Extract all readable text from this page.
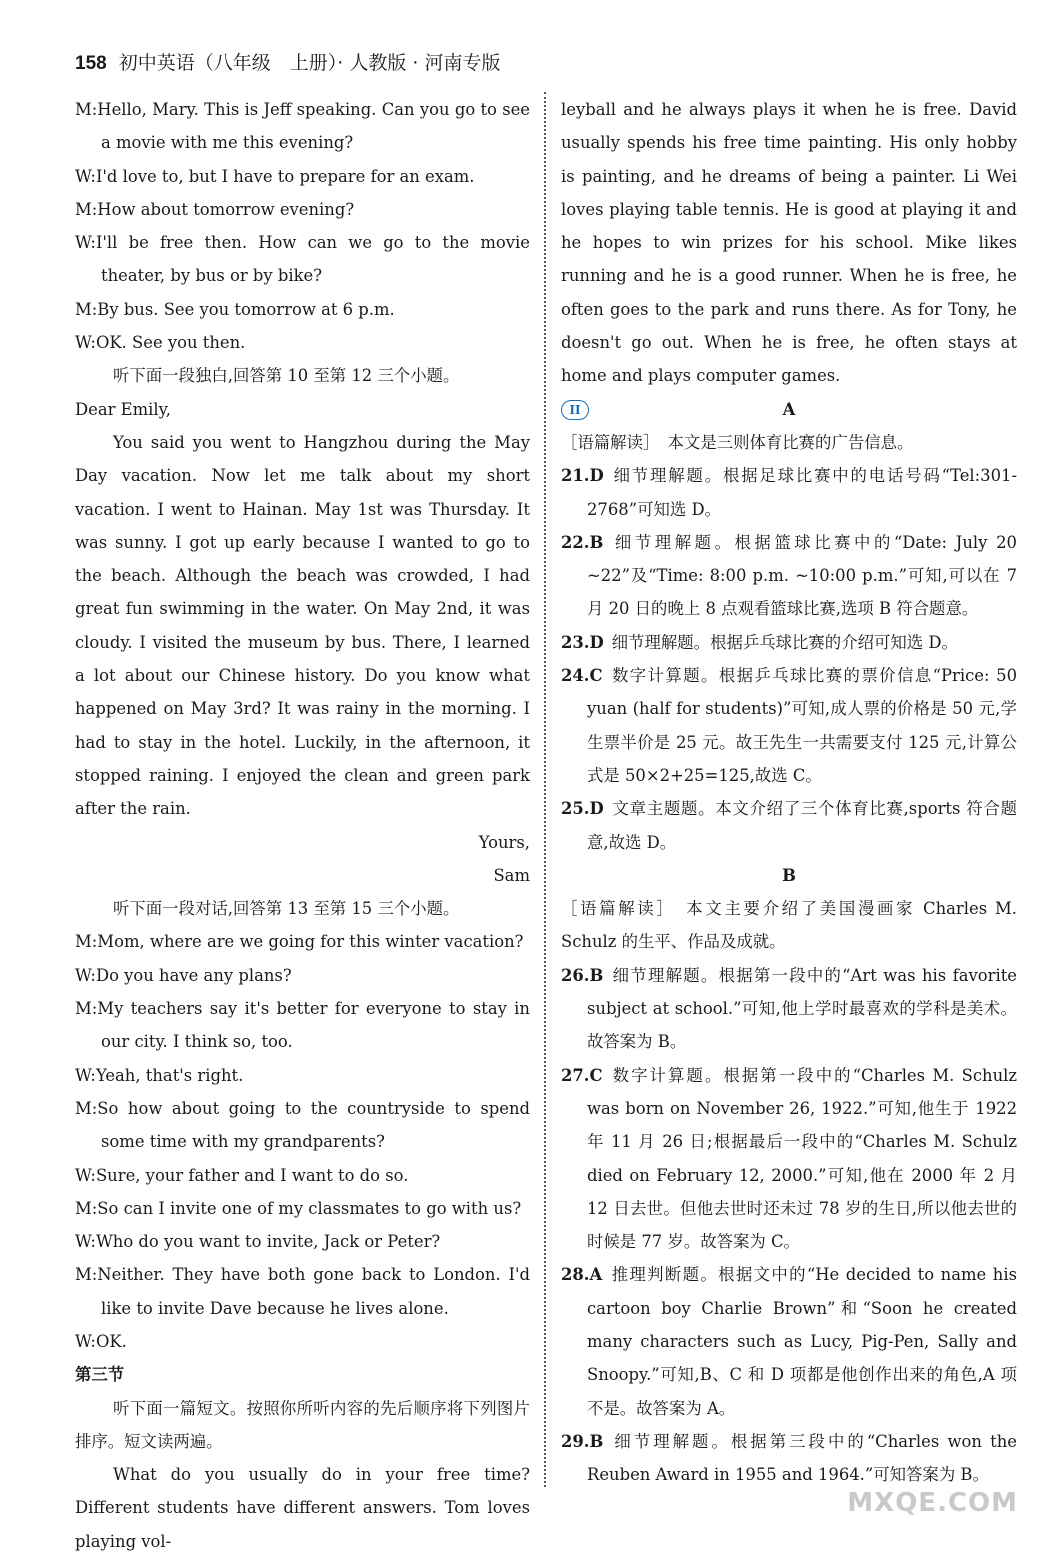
158 初中英语（八年级　上册）· 人教版 · 河南专版
M:Hello, Mary. This is Jeff speaking. Can you go to see a movie with me this evening?
W:I'd love to, but I have to prepare for an exam.
M:How about tomorrow evening?
W:I'll be free then. How can we go to the movie theater, by bus or by bike?
M:By bus. See you tomorrow at 6 p.m.
W:OK. See you then.
听下面一段独白,回答第 10 至第 12 三个小题。
Dear Emily,
You said you went to Hangzhou during the May Day vacation. Now let me talk about my short vacation. I went to Hainan. May 1st was Thursday. It was sunny. I got up early because I wanted to go to the beach. Although the beach was crowded, I had great fun swimming in the water. On May 2nd, it was cloudy. I visited the museum by bus. There, I learned a lot about our Chinese history. Do you know what happened on May 3rd? It was rainy in the morning. I had to stay in the hotel. Luckily, in the afternoon, it stopped raining. I enjoyed the clean and green park after the rain.
Yours,
Sam
听下面一段对话,回答第 13 至第 15 三个小题。
M:Mom, where are we going for this winter vacation?
W:Do you have any plans?
M:My teachers say it's better for everyone to stay in our city. I think so, too.
W:Yeah, that's right.
M:So how about going to the countryside to spend some time with my grandparents?
W:Sure, your father and I want to do so.
M:So can I invite one of my classmates to go with us?
W:Who do you want to invite, Jack or Peter?
M:Neither. They have both gone back to London. I'd like to invite Dave because he lives alone.
W:OK.
第三节
听下面一篇短文。按照你所听内容的先后顺序将下列图片排序。短文读两遍。
What do you usually do in your free time? Different students have different answers. Tom loves playing vol-
leyball and he always plays it when he is free. David usually spends his free time painting. His only hobby is painting, and he dreams of being a painter. Li Wei loves playing table tennis. He is good at playing it and he hopes to win prizes for his school. Mike likes running and he is a good runner. When he is free, he often goes to the park and runs there. As for Tony, he doesn't go out. When he is free, he often stays at home and plays computer games.
II	A
［语篇解读］　本文是三则体育比赛的广告信息。
21.D 细节理解题。根据足球比赛中的电话号码“Tel:301-2768”可知选 D。
22.B 细节理解题。根据篮球比赛中的“Date: July 20 ~22”及“Time: 8:00 p.m. ~10:00 p.m.”可知,可以在 7 月 20 日的晚上 8 点观看篮球比赛,选项 B 符合题意。
23.D 细节理解题。根据乒乓球比赛的介绍可知选 D。
24.C 数字计算题。根据乒乓球比赛的票价信息“Price: 50 yuan (half for students)”可知,成人票的价格是 50 元,学生票半价是 25 元。故王先生一共需要支付 125 元,计算公式是 50×2+25=125,故选 C。
25.D 文章主题题。本文介绍了三个体育比赛,sports 符合题意,故选 D。
B
［语篇解读］　本文主要介绍了美国漫画家 Charles M. Schulz 的生平、作品及成就。
26.B 细节理解题。根据第一段中的“Art was his favorite subject at school.”可知,他上学时最喜欢的学科是美术。故答案为 B。
27.C 数字计算题。根据第一段中的“Charles M. Schulz was born on November 26, 1922.”可知,他生于 1922 年 11 月 26 日;根据最后一段中的“Charles M. Schulz died on February 12, 2000.”可知,他在 2000 年 2 月 12 日去世。但他去世时还未过 78 岁的生日,所以他去世的时候是 77 岁。故答案为 C。
28.A 推理判断题。根据文中的“He decided to name his cartoon boy Charlie Brown”和“Soon he created many characters such as Lucy, Pig-Pen, Sally and Snoopy.”可知,B、C 和 D 项都是他创作出来的角色,A 项不是。故答案为 A。
29.B 细节理解题。根据第三段中的“Charles won the Reuben Award in 1955 and 1964.”可知答案为 B。
MXQE.COM
